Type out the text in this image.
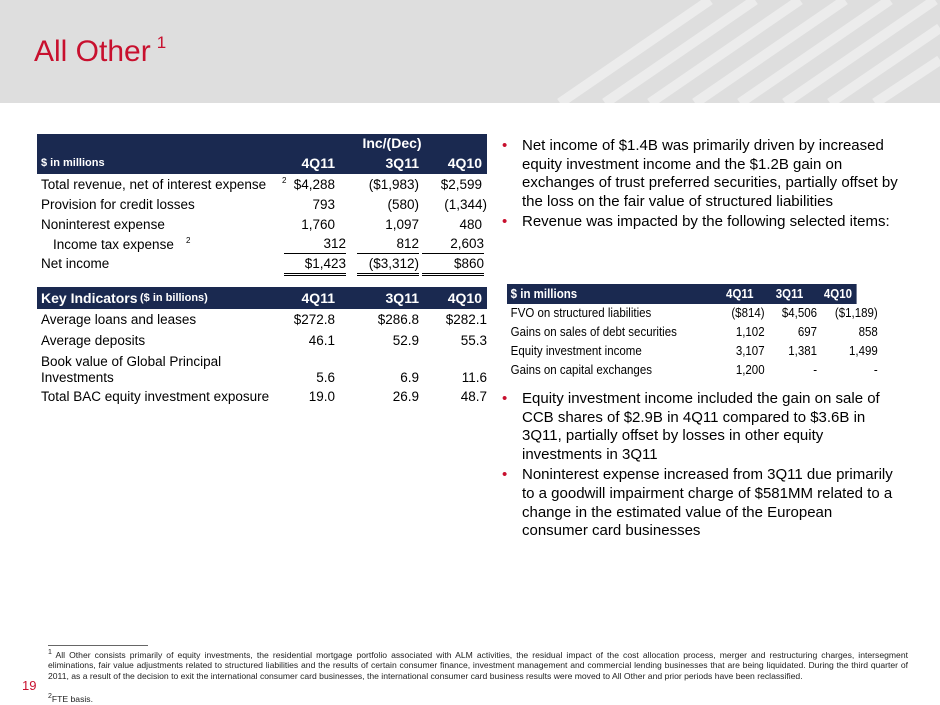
All Other $^1$
Inc/(Dec)
$ in millions	4Q11	3Q11	4Q10
Total revenue, net of interest expense 2 $4,288	($1,983)	$2,599
Provision for credit losses	793	(580)	(1,344)
Noninterest expense	1,760	1,097	480
Income tax expense 2	312	812	2,603
Net income	$1,423	($3,312)	$860
Key Indicators ($ in billions)	4Q11	3Q11	4Q10
Average loans and leases	$272.8	$286.8	$282.1
Average deposits	46.1	52.9	55.3
Book value of Global Principal
Investments	5.6	6.9	11.6
Total BAC equity investment exposure	19.0	26.9	48.7
• Net income of $1.4B was primarily driven by increased equity investment income and the $1.2B gain on exchanges of trust preferred securities, partially offset by the loss on the fair value of structured liabilities
• Revenue was impacted by the following selected items:
$ in millions	4Q11	3Q11	4Q10
FVO on structured liabilities	($814)	$4,506	($1,189)
Gains on sales of debt securities	1,102	697	858
Equity investment income	3,107	1,381	1,499
Gains on capital exchanges	1,200	-	-
• Equity investment income included the gain on sale of CCB shares of $2.9B in 4Q11 compared to $3.6B in 3Q11, partially offset by losses in other equity investments in 3Q11
• Noninterest expense increased from 3Q11 due primarily to a goodwill impairment charge of $581MM related to a change in the estimated value of the European consumer card businesses
$^1$ All Other consists primarily of equity investments, the residential mortgage portfolio associated with ALM activities, the residual impact of the cost allocation process, merger and restructuring charges, intersegment eliminations, fair value adjustments related to structured liabilities and the results of certain consumer finance, investment management and commercial lending businesses that are being liquidated. During the third quarter of 2011, as a result of the decision to exit the international consumer card businesses, the international consumer card business results were moved to All Other and prior periods have been reclassified.
$^2$FTE basis.
19
